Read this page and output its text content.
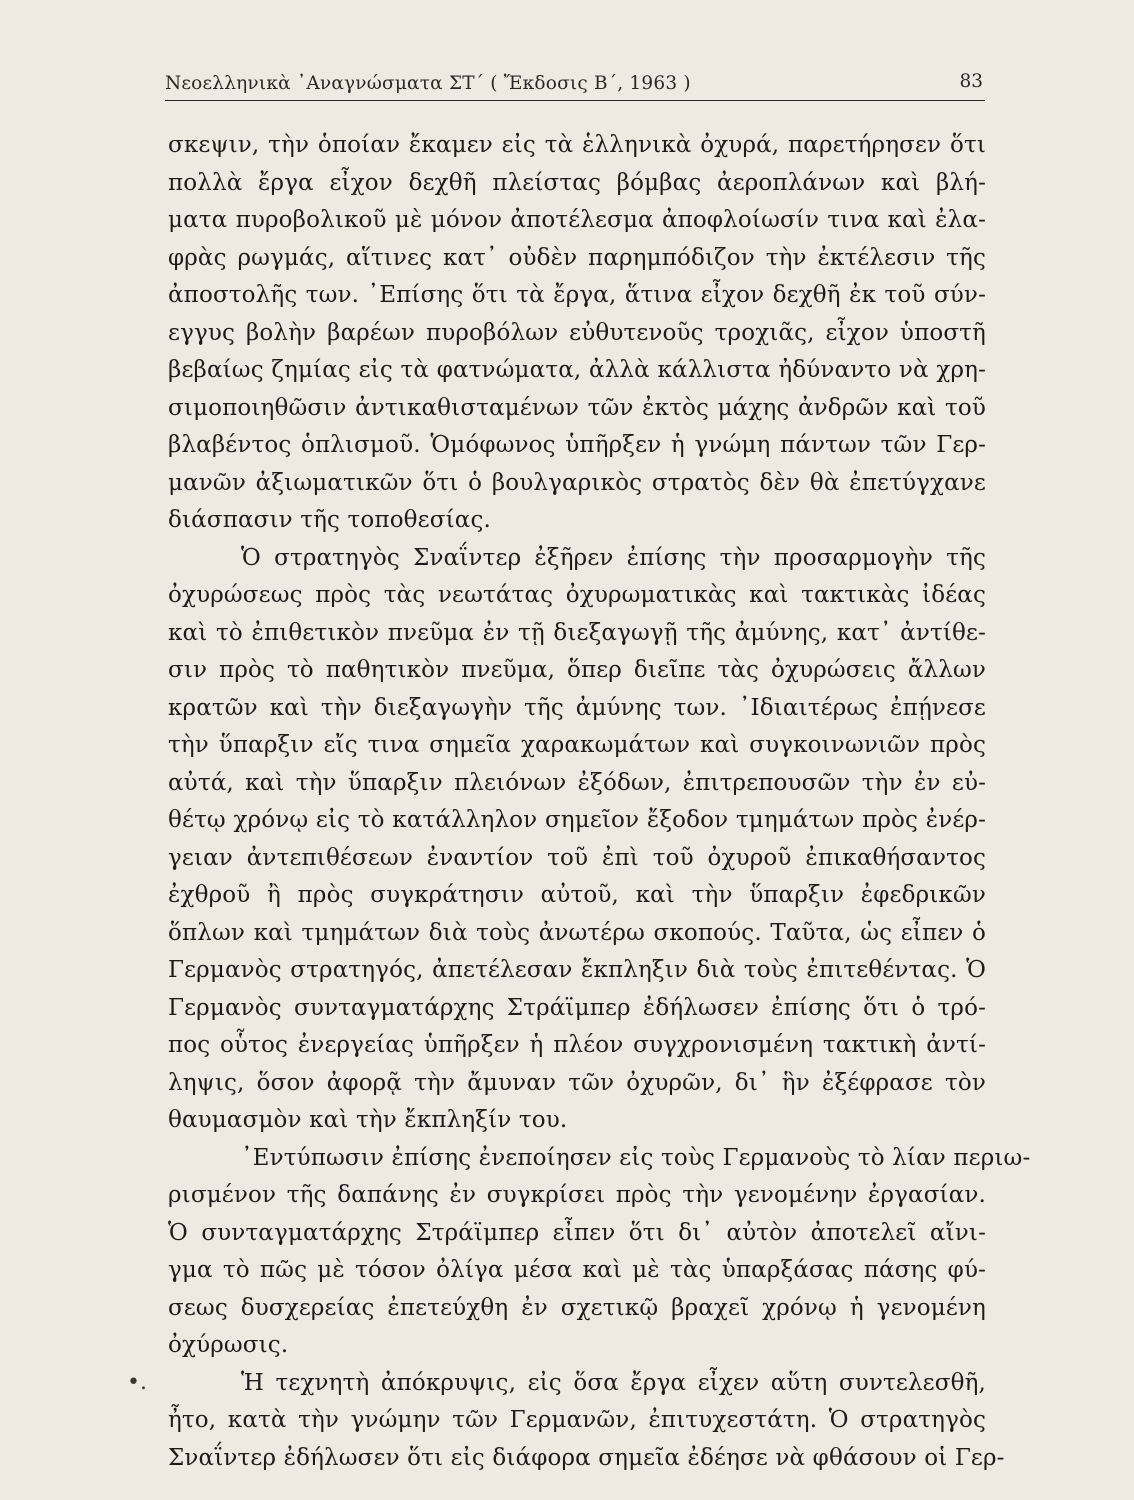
Νεοελληνικὰ ᾽Αναγνώσματα ΣΤ΄ ( Ἔκδοσις Β΄, 1963 )	83
σκεψιν, τὴν ὁποίαν ἔκαμεν εἰς τὰ ἑλληνικὰ ὀχυρά, παρετήρησεν ὅτι
πολλὰ ἔργα εἶχον δεχθῆ πλείστας βόμβας ἀεροπλάνων καὶ βλή-
ματα πυροβολικοῦ μὲ μόνον ἀποτέλεσμα ἀποφλοίωσίν τινα καὶ ἐλα-
φρὰς ρωγμάς, αἵτινες κατ᾽ οὐδὲν παρημπόδιζον τὴν ἐκτέλεσιν τῆς
ἀποστολῆς των. ᾽Επίσης ὅτι τὰ ἔργα, ἅτινα εἶχον δεχθῆ ἐκ τοῦ σύν-
εγγυς βολὴν βαρέων πυροβόλων εὐθυτενοῦς τροχιᾶς, εἶχον ὑποστῆ
βεβαίως ζημίας εἰς τὰ φατνώματα, ἀλλὰ κάλλιστα ἠδύναντο νὰ χρη-
σιμοποιηθῶσιν ἀντικαθισταμένων τῶν ἐκτὸς μάχης ἀνδρῶν καὶ τοῦ
βλαβέντος ὁπλισμοῦ. Ὁμόφωνος ὑπῆρξεν ἡ γνώμη πάντων τῶν Γερ-
μανῶν ἀξιωματικῶν ὅτι ὁ βουλγαρικὸς στρατὸς δὲν θὰ ἐπετύγχανε
διάσπασιν τῆς τοποθεσίας.
Ὁ στρατηγὸς Σναΐντερ ἐξῆρεν ἐπίσης τὴν προσαρμογὴν τῆς
ὀχυρώσεως πρὸς τὰς νεωτάτας ὀχυρωματικὰς καὶ τακτικὰς ἰδέας
καὶ τὸ ἐπιθετικὸν πνεῦμα ἐν τῇ διεξαγωγῇ τῆς ἀμύνης, κατ᾽ ἀντίθε-
σιν πρὸς τὸ παθητικὸν πνεῦμα, ὅπερ διεῖπε τὰς ὀχυρώσεις ἄλλων
κρατῶν καὶ τὴν διεξαγωγὴν τῆς ἀμύνης των. ᾽Ιδιαιτέρως ἐπῄνεσε
τὴν ὕπαρξιν εἴς τινα σημεῖα χαρακωμάτων καὶ συγκοινωνιῶν πρὸς
αὐτά, καὶ τὴν ὕπαρξιν πλειόνων ἐξόδων, ἐπιτρεπουσῶν τὴν ἐν εὐ-
θέτῳ χρόνῳ εἰς τὸ κατάλληλον σημεῖον ἔξοδον τμημάτων πρὸς ἐνέρ-
γειαν ἀντεπιθέσεων ἐναντίον τοῦ ἐπὶ τοῦ ὀχυροῦ ἐπικαθήσαντος
ἐχθροῦ ἢ πρὸς συγκράτησιν αὐτοῦ, καὶ τὴν ὕπαρξιν ἐφεδρικῶν
ὅπλων καὶ τμημάτων διὰ τοὺς ἀνωτέρω σκοπούς. Ταῦτα, ὡς εἶπεν ὁ
Γερμανὸς στρατηγός, ἀπετέλεσαν ἔκπληξιν διὰ τοὺς ἐπιτεθέντας. Ὁ
Γερμανὸς συνταγματάρχης Στράϊμπερ ἐδήλωσεν ἐπίσης ὅτι ὁ τρό-
πος οὗτος ἐνεργείας ὑπῆρξεν ἡ πλέον συγχρονισμένη τακτικὴ ἀντί-
ληψις, ὅσον ἀφορᾷ τὴν ἄμυναν τῶν ὀχυρῶν, δι᾽ ἣν ἐξέφρασε τὸν
θαυμασμὸν καὶ τὴν ἔκπληξίν του.
᾽Εντύπωσιν ἐπίσης ἐνεποίησεν εἰς τοὺς Γερμανοὺς τὸ λίαν περιω-
ρισμένον τῆς δαπάνης ἐν συγκρίσει πρὸς τὴν γενομένην ἐργασίαν.
Ὁ συνταγματάρχης Στράϊμπερ εἶπεν ὅτι δι᾽ αὐτὸν ἀποτελεῖ αἴνι-
γμα τὸ πῶς μὲ τόσον ὀλίγα μέσα καὶ μὲ τὰς ὑπαρξάσας πάσης φύ-
σεως δυσχερείας ἐπετεύχθη ἐν σχετικῷ βραχεῖ χρόνῳ ἡ γενομένη
ὀχύρωσις.
Ἡ τεχνητὴ ἀπόκρυψις, εἰς ὅσα ἔργα εἶχεν αὕτη συντελεσθῆ,
ἦτο, κατὰ τὴν γνώμην τῶν Γερμανῶν, ἐπιτυχεστάτη. Ὁ στρατηγὸς
Σναΐντερ ἐδήλωσεν ὅτι εἰς διάφορα σημεῖα ἐδέησε νὰ φθάσουν οἱ Γερ-
•.
